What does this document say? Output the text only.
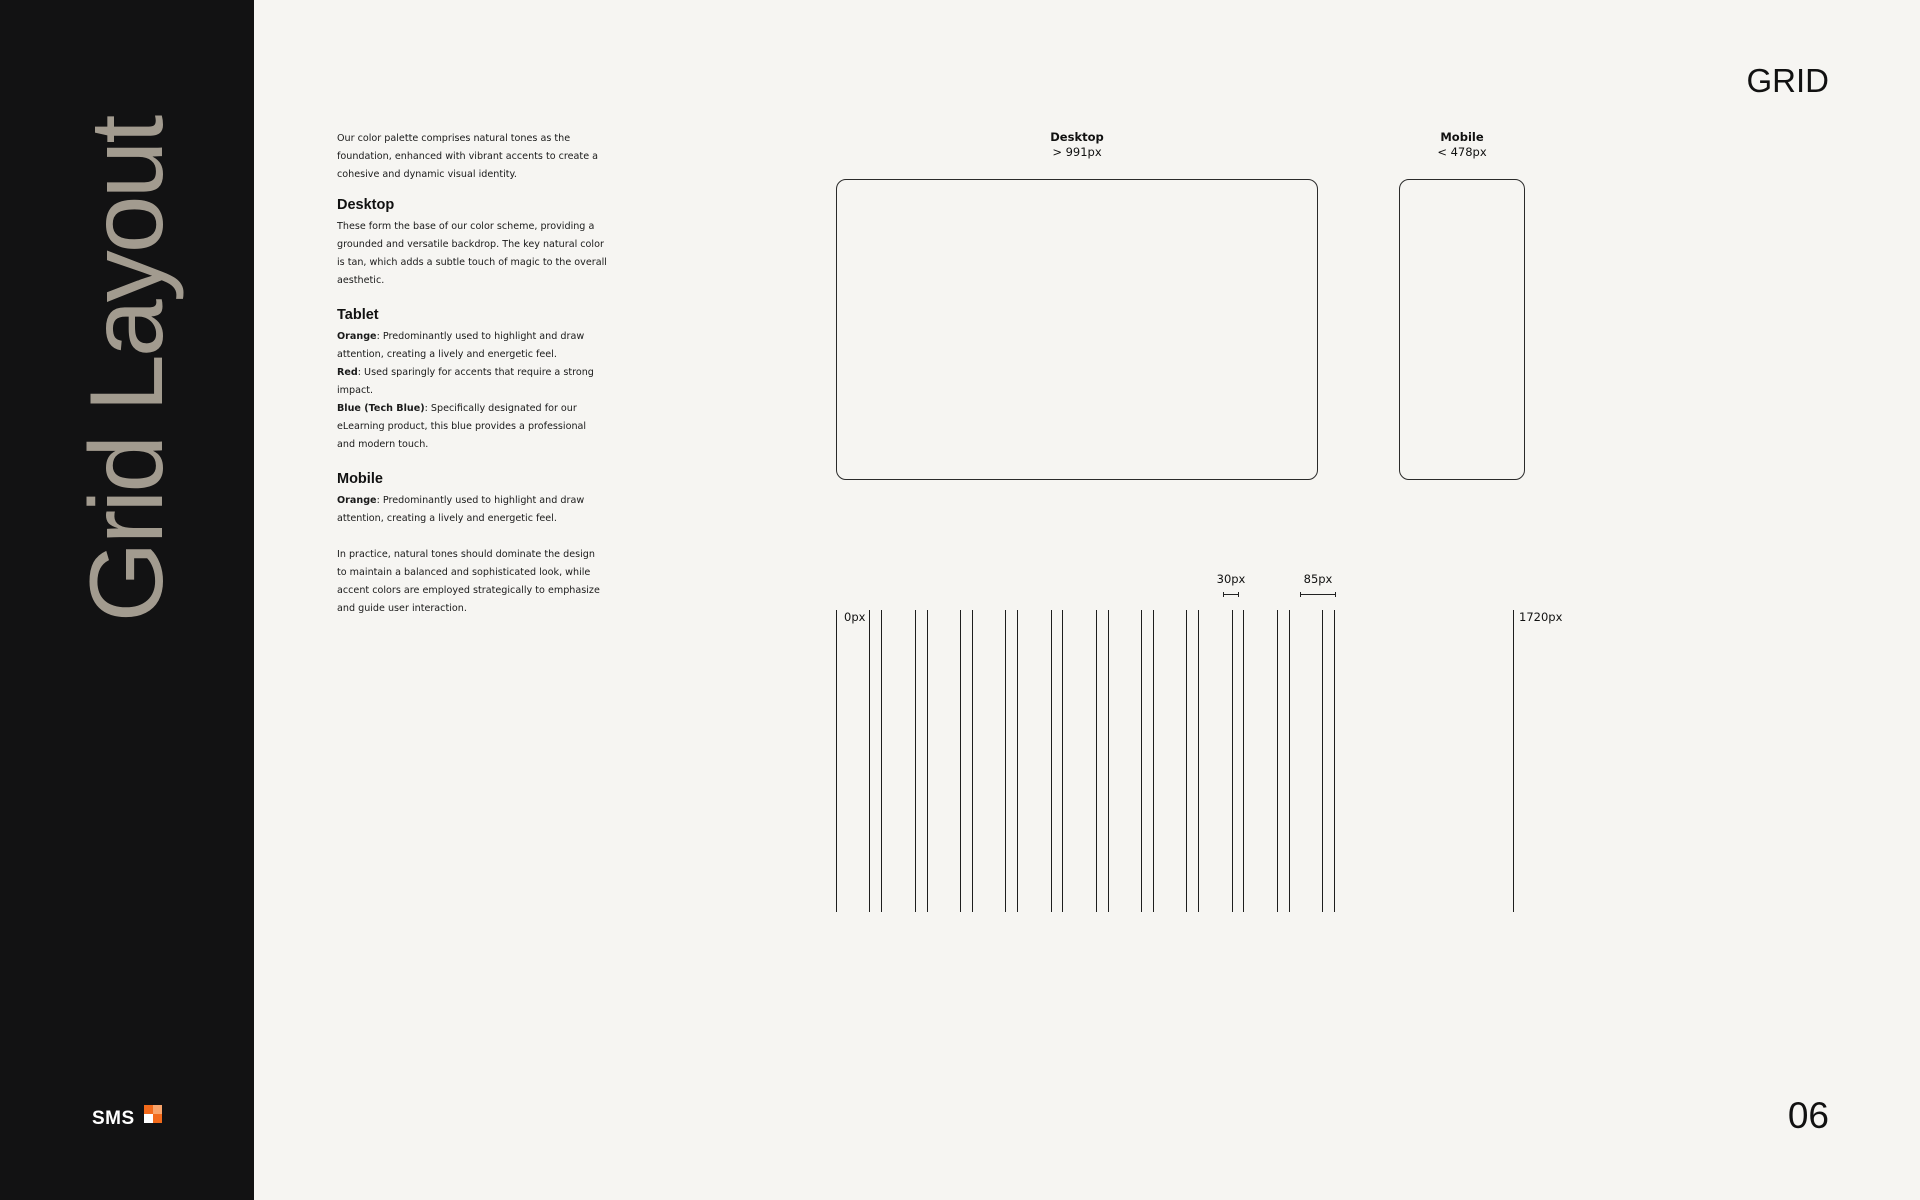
Grid Layout
SMS
GRID
06

Our color palette comprises natural tones as the foundation, enhanced with vibrant accents to create a cohesive and dynamic visual identity.

Desktop

These form the base of our color scheme, providing a grounded and versatile backdrop. The key natural color is tan, which adds a subtle touch of magic to the overall aesthetic.

Tablet

Orange: Predominantly used to highlight and draw attention, creating a lively and energetic feel.

Red: Used sparingly for accents that require a strong impact.

Blue (Tech Blue): Specifically designated for our eLearning product, this blue provides a professional and modern touch.

Mobile

Orange: Predominantly used to highlight and draw attention, creating a lively and energetic feel.

In practice, natural tones should dominate the design to maintain a balanced and sophisticated look, while accent colors are employed strategically to emphasize and guide user interaction.

Desktop
> 991px
Mobile
< 478px
30px	85px
0px	1720px
